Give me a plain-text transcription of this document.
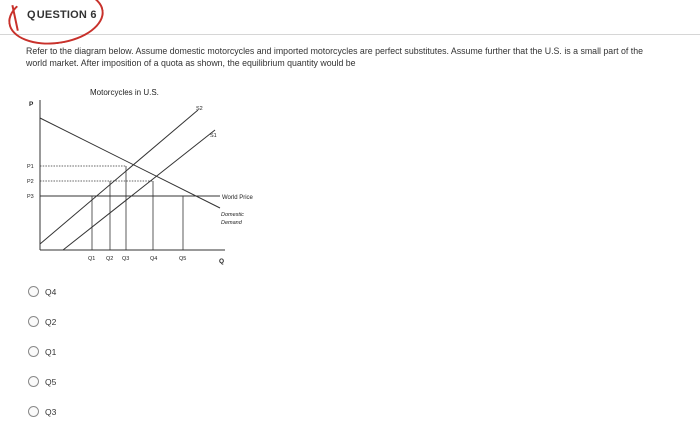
QUESTION 6
Refer to the diagram below. Assume domestic motorcycles and imported motorcycles are perfect substitutes. Assume further that the U.S. is a small part of the world market. After imposition of a quota as shown, the equilibrium quantity would be
Motorcycles in U.S.
P
Q
P1
P2
P3
S2
S1
World Price
Domestic
Demand
Q1 Q2 Q3	Q4	Q5
Q4
Q2
Q1
Q5
Q3
